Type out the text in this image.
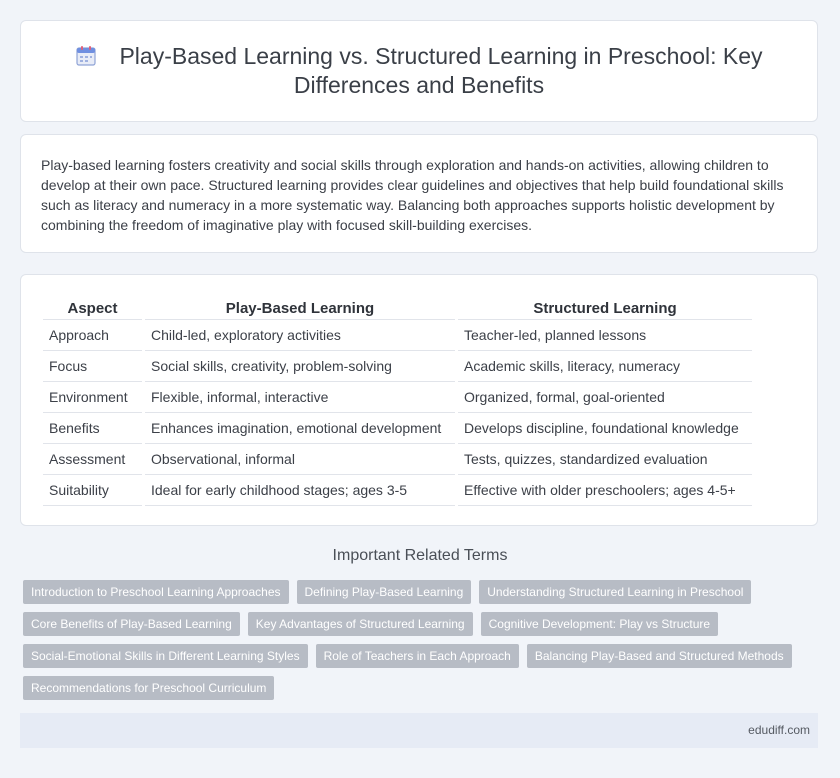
Play-Based Learning vs. Structured Learning in Preschool: Key Differences and Benefits

Play-based learning fosters creativity and social skills through exploration and hands-on activities, allowing children to develop at their own pace. Structured learning provides clear guidelines and objectives that help build foundational skills such as literacy and numeracy in a more systematic way. Balancing both approaches supports holistic development by combining the freedom of imaginative play with focused skill-building exercises.

Aspect		Play-Based Learning		Structured Learning
Approach		Child-led, exploratory activities		Teacher-led, planned lessons
Focus		Social skills, creativity, problem-solving		Academic skills, literacy, numeracy
Environment		Flexible, informal, interactive		Organized, formal, goal-oriented
Benefits		Enhances imagination, emotional development		Develops discipline, foundational knowledge
Assessment		Observational, informal		Tests, quizzes, standardized evaluation
Suitability		Ideal for early childhood stages; ages 3-5		Effective with older preschoolers; ages 4-5+
Important Related Terms
Introduction to Preschool Learning Approaches	Defining Play-Based Learning	Understanding Structured Learning in Preschool
Core Benefits of Play-Based Learning	Key Advantages of Structured Learning	Cognitive Development: Play vs Structure
Social-Emotional Skills in Different Learning Styles	Role of Teachers in Each Approach	Balancing Play-Based and Structured Methods
Recommendations for Preschool Curriculum
edudiff.com
